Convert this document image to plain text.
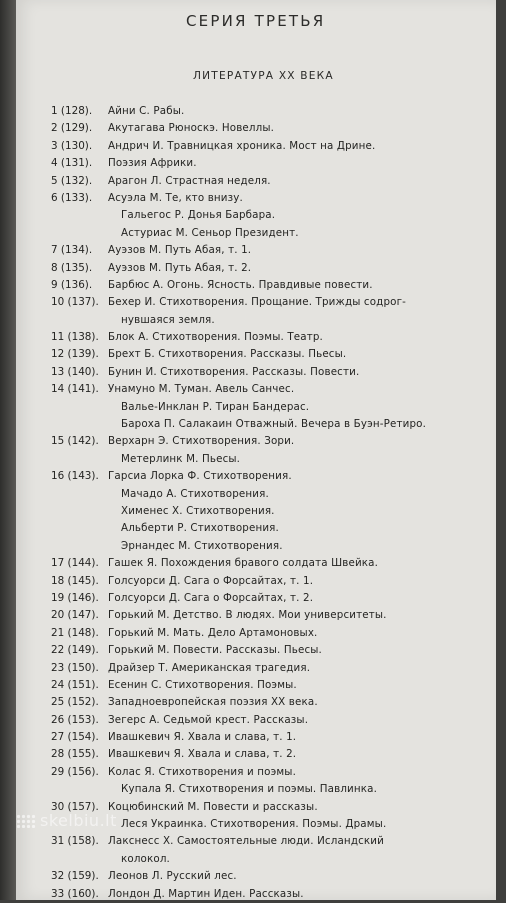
СЕРИЯ ТРЕТЬЯ
ЛИТЕРАТУРА XX ВЕКА
1 (128).	Айни С. Рабы.
2 (129).	Акутагава Рюноскэ. Новеллы.
3 (130).	Андрич И. Травницкая хроника. Мост на Дрине.
4 (131).	Поэзия Африки.
5 (132).	Арагон Л. Страстная неделя.
6 (133).	Асуэла М. Те, кто внизу.
Гальегос Р. Донья Барбара.
Астуриас М. Сеньор Президент.
7 (134).	Ауэзов М. Путь Абая, т. 1.
8 (135).	Ауэзов М. Путь Абая, т. 2.
9 (136).	Барбюс А. Огонь. Ясность. Правдивые повести.
10 (137). Бехер И. Стихотворения. Прощание. Трижды содрог-
нувшаяся земля.
11 (138). Блок А. Стихотворения. Поэмы. Театр.
12 (139). Брехт Б. Стихотворения. Рассказы. Пьесы.
13 (140). Бунин И. Стихотворения. Рассказы. Повести.
14 (141). Унамуно М. Туман. Авель Санчес.
Валье-Инклан Р. Тиран Бандерас.
Бароха П. Салакаин Отважный. Вечера в Буэн-Ретиро.
15 (142). Верхарн Э. Стихотворения. Зори.
Метерлинк М. Пьесы.
16 (143). Гарсиа Лорка Ф. Стихотворения.
Мачадо А. Стихотворения.
Хименес Х. Стихотворения.
Альберти Р. Стихотворения.
Эрнандес М. Стихотворения.
17 (144). Гашек Я. Похождения бравого солдата Швейка.
18 (145). Голсуорси Д. Сага о Форсайтах, т. 1.
19 (146). Голсуорси Д. Сага о Форсайтах, т. 2.
20 (147). Горький М. Детство. В людях. Мои университеты.
21 (148). Горький М. Мать. Дело Артамоновых.
22 (149). Горький М. Повести. Рассказы. Пьесы.
23 (150). Драйзер Т. Американская трагедия.
24 (151). Есенин С. Стихотворения. Поэмы.
25 (152). Западноевропейская поэзия XX века.
26 (153). Зегерс А. Седьмой крест. Рассказы.
27 (154). Ивашкевич Я. Хвала и слава, т. 1.
28 (155). Ивашкевич Я. Хвала и слава, т. 2.
29 (156). Колас Я. Стихотворения и поэмы.
Купала Я. Стихотворения и поэмы. Павлинка.
30 (157). Коцюбинский М. Повести и рассказы.
Леся Украинка. Стихотворения. Поэмы. Драмы.
31 (158). Лакснесс Х. Самостоятельные люди. Исландский
колокол.
32 (159). Леонов Л. Русский лес.
33 (160). Лондон Д. Мартин Иден. Рассказы.
skelbiu.lt
